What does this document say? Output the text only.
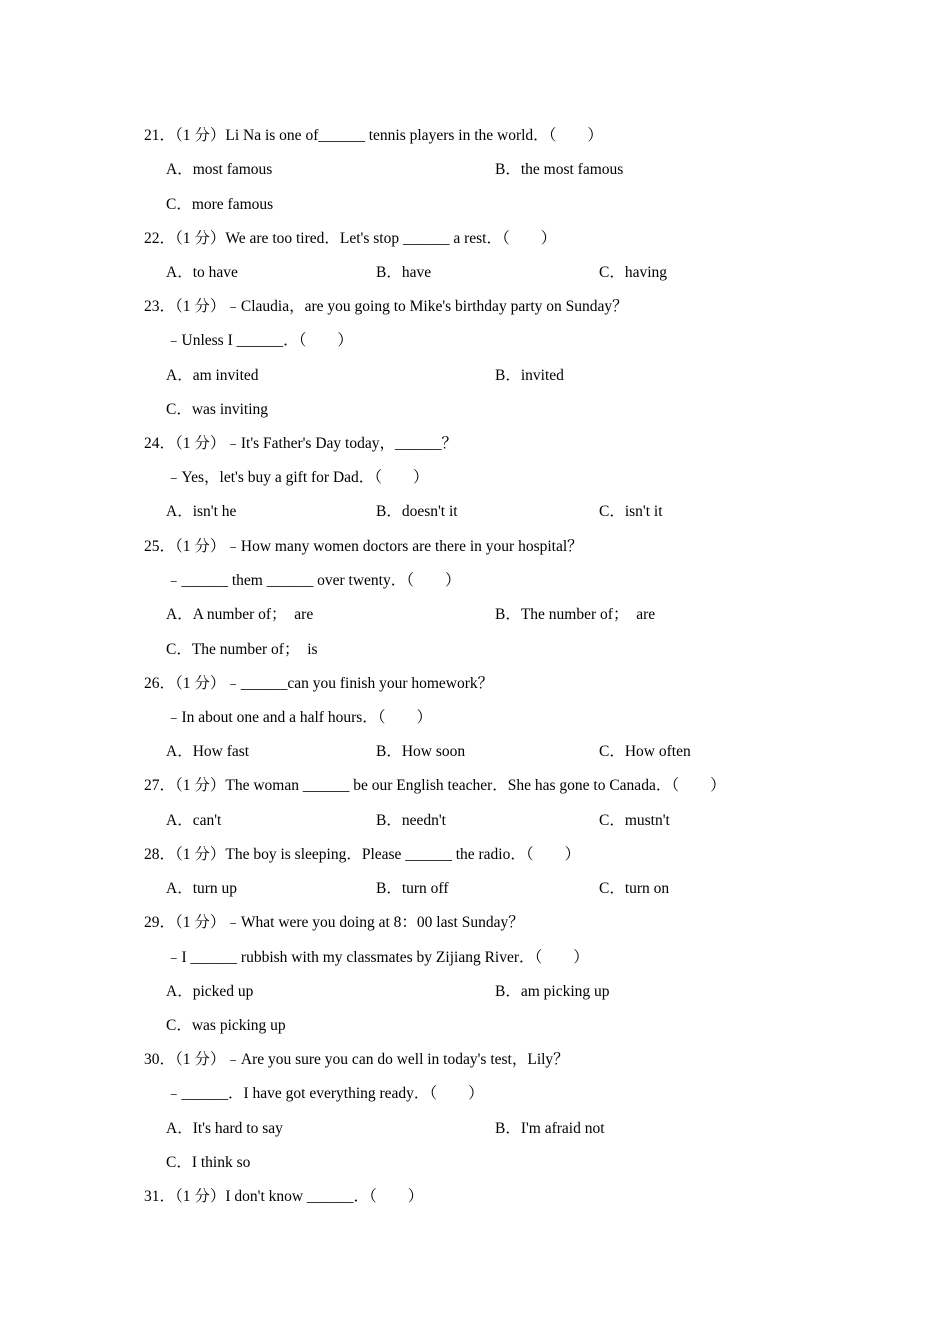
21．（1 分）Li Na is one of______ tennis players in the world．（　　）
A．most famous	B．the most famous
C．more famous
22．（1 分）We are too tired．Let's stop ______ a rest．（　　）
A．to have	B．have	C．having
23．（1 分）﹣Claudia，are you going to Mike's birthday party on Sunday？
﹣Unless I ______．（　　）
A．am invited	B．invited
C．was inviting
24．（1 分）﹣It's Father's Day today，______？
﹣Yes，let's buy a gift for Dad．（　　）
A．isn't he	B．doesn't it	C．isn't it
25．（1 分）﹣How many women doctors are there in your hospital？
﹣______ them ______ over twenty．（　　）
A．A number of；  are	B．The number of；  are
C．The number of；  is
26．（1 分）﹣______can you finish your homework？
﹣In about one and a half hours．（　　）
A．How fast	B．How soon	C．How often
27．（1 分）The woman ______ be our English teacher．She has gone to Canada．（　　）
A．can't	B．needn't	C．mustn't
28．（1 分）The boy is sleeping．Please ______ the radio．（　　）
A．turn up	B．turn off	C．turn on
29．（1 分）﹣What were you doing at 8：00 last Sunday？
﹣I ______ rubbish with my classmates by Zijiang River．（　　）
A．picked up	B．am picking up
C．was picking up
30．（1 分）﹣Are you sure you can do well in today's test，Lily？
﹣______．I have got everything ready．（　　）
A．It's hard to say	B．I'm afraid not
C．I think so
31．（1 分）I don't know ______．（　　）
